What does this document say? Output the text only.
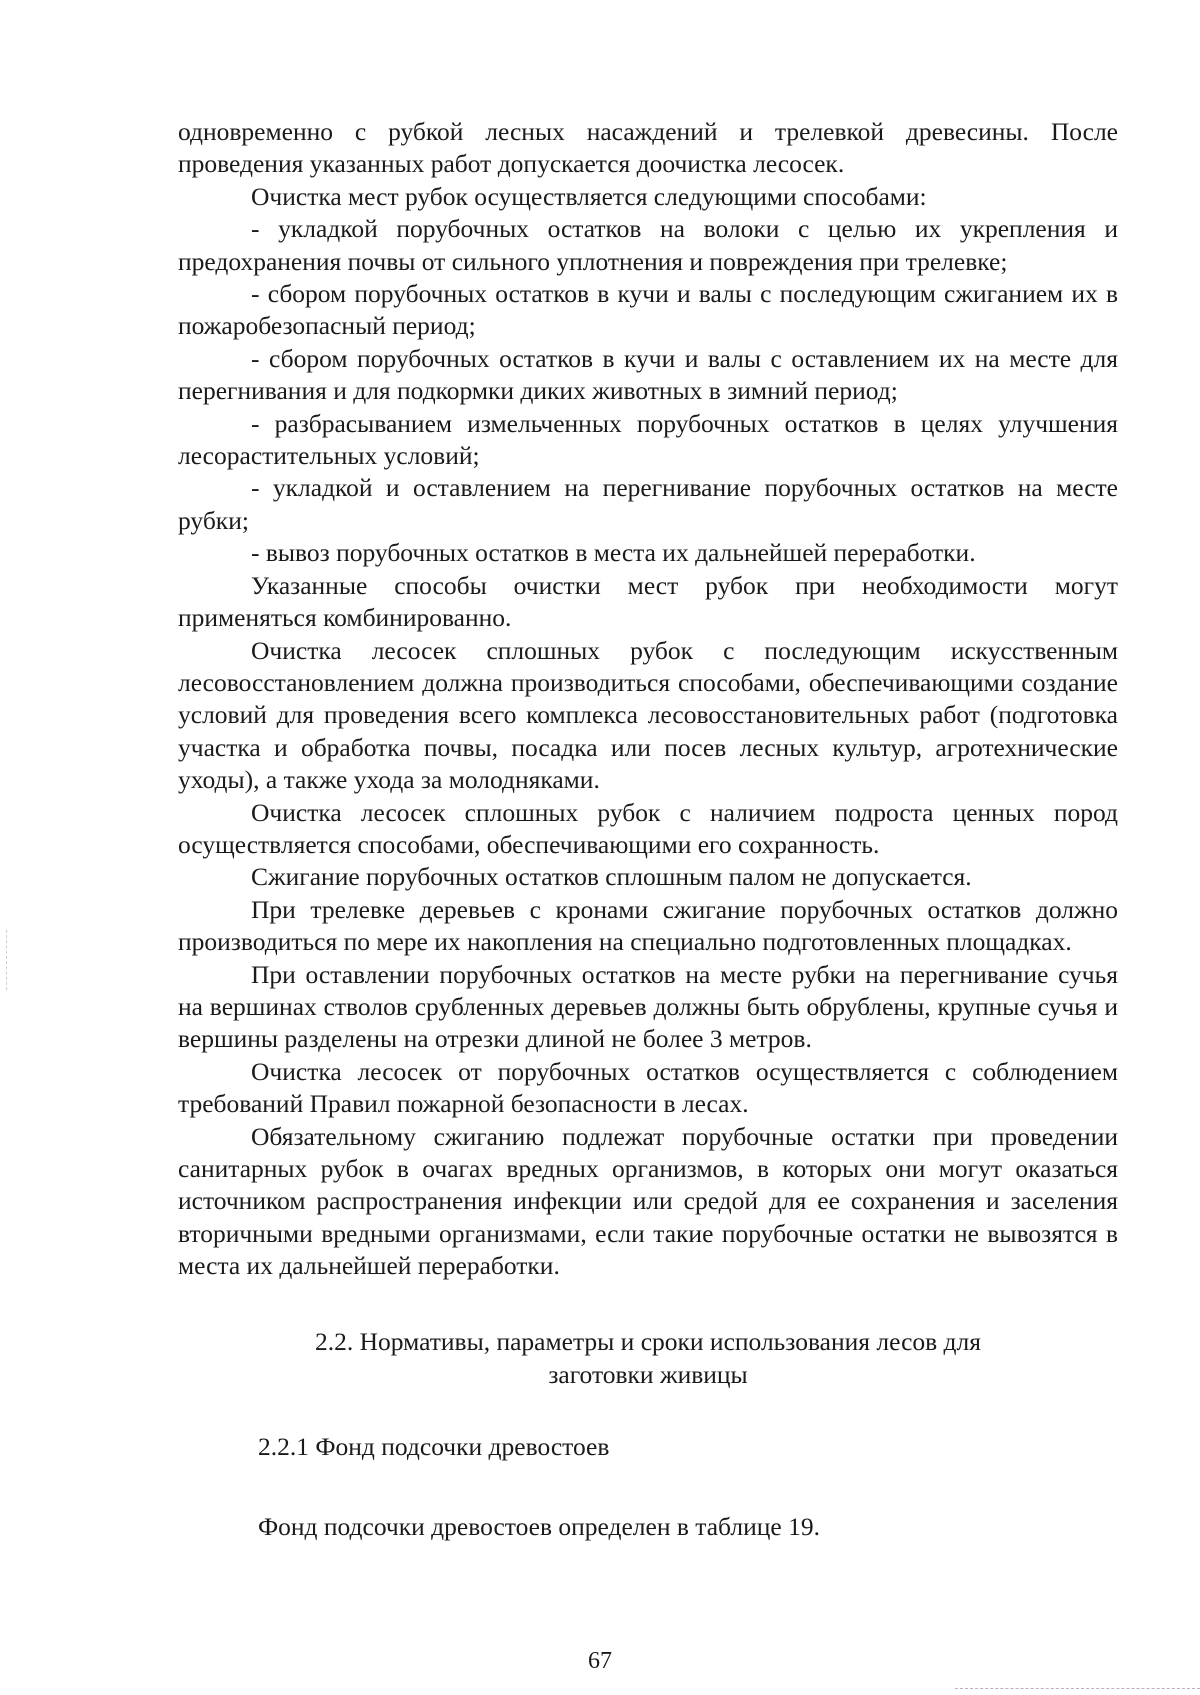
одновременно с рубкой лесных насаждений и трелевкой древесины. После проведения указанных работ допускается доочистка лесосек.

Очистка мест рубок осуществляется следующими способами:

- укладкой порубочных остатков на волоки с целью их укрепления и предохранения почвы от сильного уплотнения и повреждения при трелевке;

- сбором порубочных остатков в кучи и валы с последующим сжиганием их в пожаробезопасный период;

- сбором порубочных остатков в кучи и валы с оставлением их на месте для перегнивания и для подкормки диких животных в зимний период;

- разбрасыванием измельченных порубочных остатков в целях улучшения лесорастительных условий;

- укладкой и оставлением на перегнивание порубочных остатков на месте рубки;

- вывоз порубочных остатков в места их дальнейшей переработки.

Указанные способы очистки мест рубок при необходимости могут применяться комбинированно.

Очистка лесосек сплошных рубок с последующим искусственным лесовосстановлением должна производиться способами, обеспечивающими создание условий для проведения всего комплекса лесовосстановительных работ (подготовка участка и обработка почвы, посадка или посев лесных культур, агротехнические уходы), а также ухода за молодняками.

Очистка лесосек сплошных рубок с наличием подроста ценных пород осуществляется способами, обеспечивающими его сохранность.

Сжигание порубочных остатков сплошным палом не допускается.

При трелевке деревьев с кронами сжигание порубочных остатков должно производиться по мере их накопления на специально подготовленных площадках.

При оставлении порубочных остатков на месте рубки на перегнивание сучья на вершинах стволов срубленных деревьев должны быть обрублены, крупные сучья и вершины разделены на отрезки длиной не более 3 метров.

Очистка лесосек от порубочных остатков осуществляется с соблюдением требований Правил пожарной безопасности в лесах.

Обязательному сжиганию подлежат порубочные остатки при проведении санитарных рубок в очагах вредных организмов, в которых они могут оказаться источником распространения инфекции или средой для ее сохранения и заселения вторичными вредными организмами, если такие порубочные остатки не вывозятся в места их дальнейшей переработки.

2.2. Нормативы, параметры и сроки использования лесов для заготовки живицы

2.2.1 Фонд подсочки древостоев

Фонд подсочки древостоев определен в таблице 19.

67
